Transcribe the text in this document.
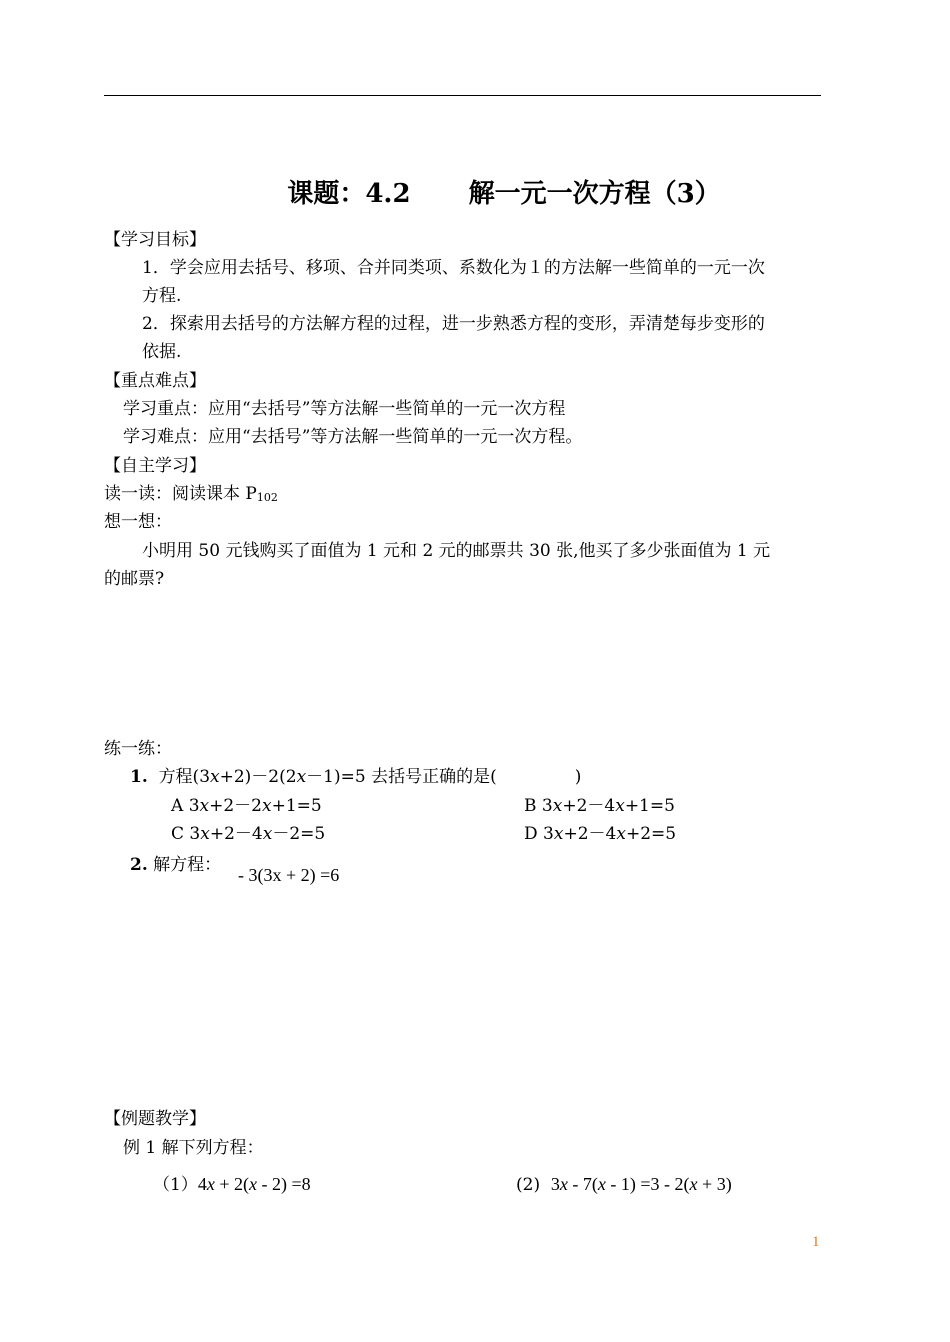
课题：4.2 解一元一次方程（3）
【学习目标】
1．学会应用去括号、移项、合并同类项、系数化为１的方法解一些简单的一元一次
方程.
2．探索用去括号的方法解方程的过程，进一步熟悉方程的变形，弄清楚每步变形的
依据.
【重点难点】
学习重点：应用“去括号”等方法解一些简单的一元一次方程
学习难点：应用“去括号”等方法解一些简单的一元一次方程。
【自主学习】
读一读：阅读课本 P102
想一想：
小明用 50 元钱购买了面值为 1 元和 2 元的邮票共 30 张,他买了多少张面值为 1 元
的邮票?
练一练：
1. 方程(3x+2)－2(2x－1)=5 去括号正确的是(	)
A 3x+2－2x+1=5	B 3x+2－4x+1=5
C 3x+2－4x－2=5	D 3x+2－4x+2=5
2. 解方程： - 3(3x + 2) =6
【例题教学】
例 1 解下列方程：
（1）4x + 2(x - 2) =8	(2) 3x - 7(x - 1) =3 - 2(x + 3)
1
